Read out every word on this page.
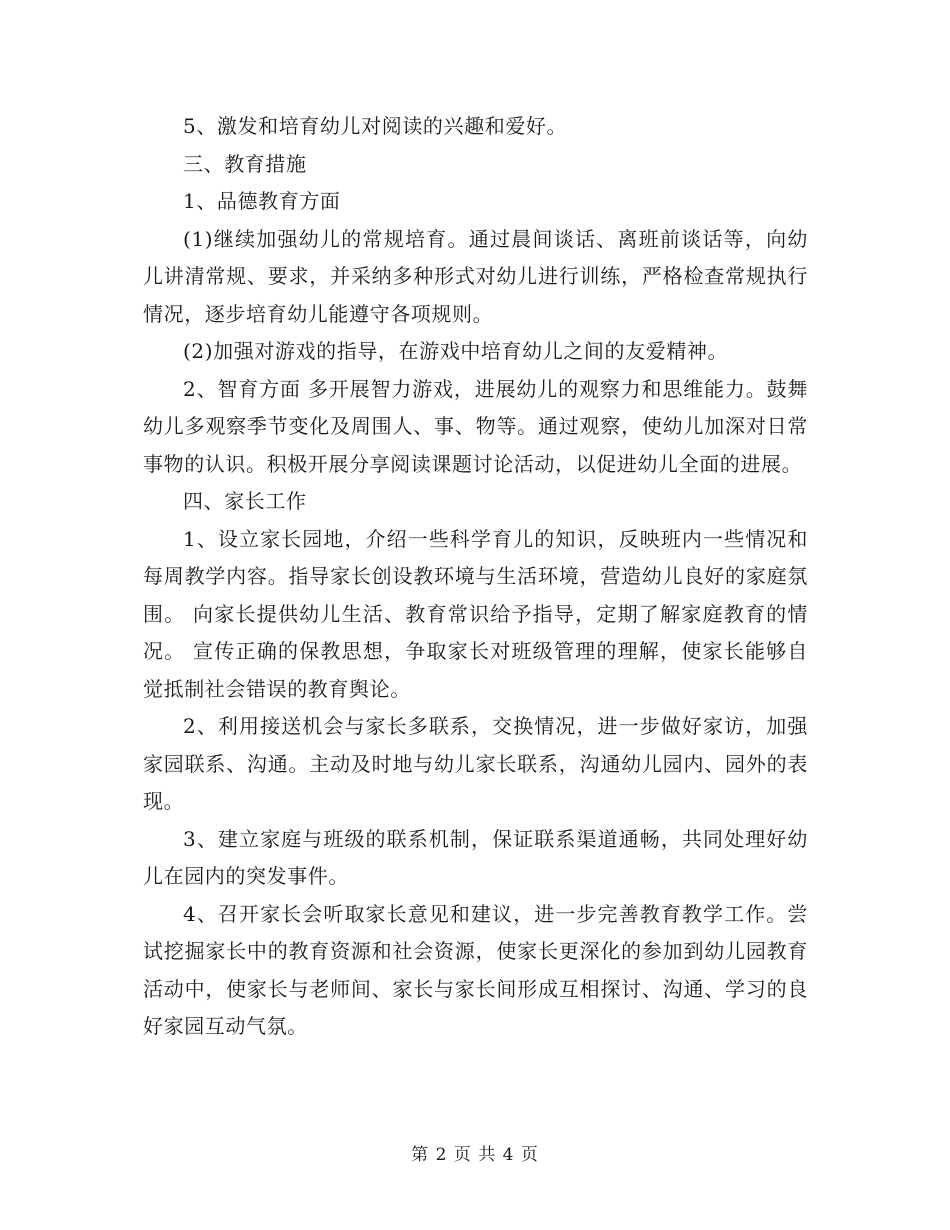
5、激发和培育幼儿对阅读的兴趣和爱好。

三、教育措施

1、品德教育方面

(1)继续加强幼儿的常规培育。通过晨间谈话、离班前谈话等，向幼儿讲清常规、要求，并采纳多种形式对幼儿进行训练，严格检查常规执行情况，逐步培育幼儿能遵守各项规则。

(2)加强对游戏的指导，在游戏中培育幼儿之间的友爱精神。

2、智育方面 多开展智力游戏，进展幼儿的观察力和思维能力。鼓舞幼儿多观察季节变化及周围人、事、物等。通过观察，使幼儿加深对日常事物的认识。积极开展分享阅读课题讨论活动，以促进幼儿全面的进展。

四、家长工作

1、设立家长园地，介绍一些科学育儿的知识，反映班内一些情况和每周教学内容。指导家长创设教环境与生活环境，营造幼儿良好的家庭氛围。 向家长提供幼儿生活、教育常识给予指导，定期了解家庭教育的情况。 宣传正确的保教思想，争取家长对班级管理的理解，使家长能够自觉抵制社会错误的教育舆论。

2、利用接送机会与家长多联系，交换情况，进一步做好家访，加强家园联系、沟通。主动及时地与幼儿家长联系，沟通幼儿园内、园外的表现。

3、建立家庭与班级的联系机制，保证联系渠道通畅，共同处理好幼儿在园内的突发事件。

4、召开家长会听取家长意见和建议，进一步完善教育教学工作。尝试挖掘家长中的教育资源和社会资源，使家长更深化的参加到幼儿园教育活动中，使家长与老师间、家长与家长间形成互相探讨、沟通、学习的良好家园互动气氛。

第 2 页 共 4 页
